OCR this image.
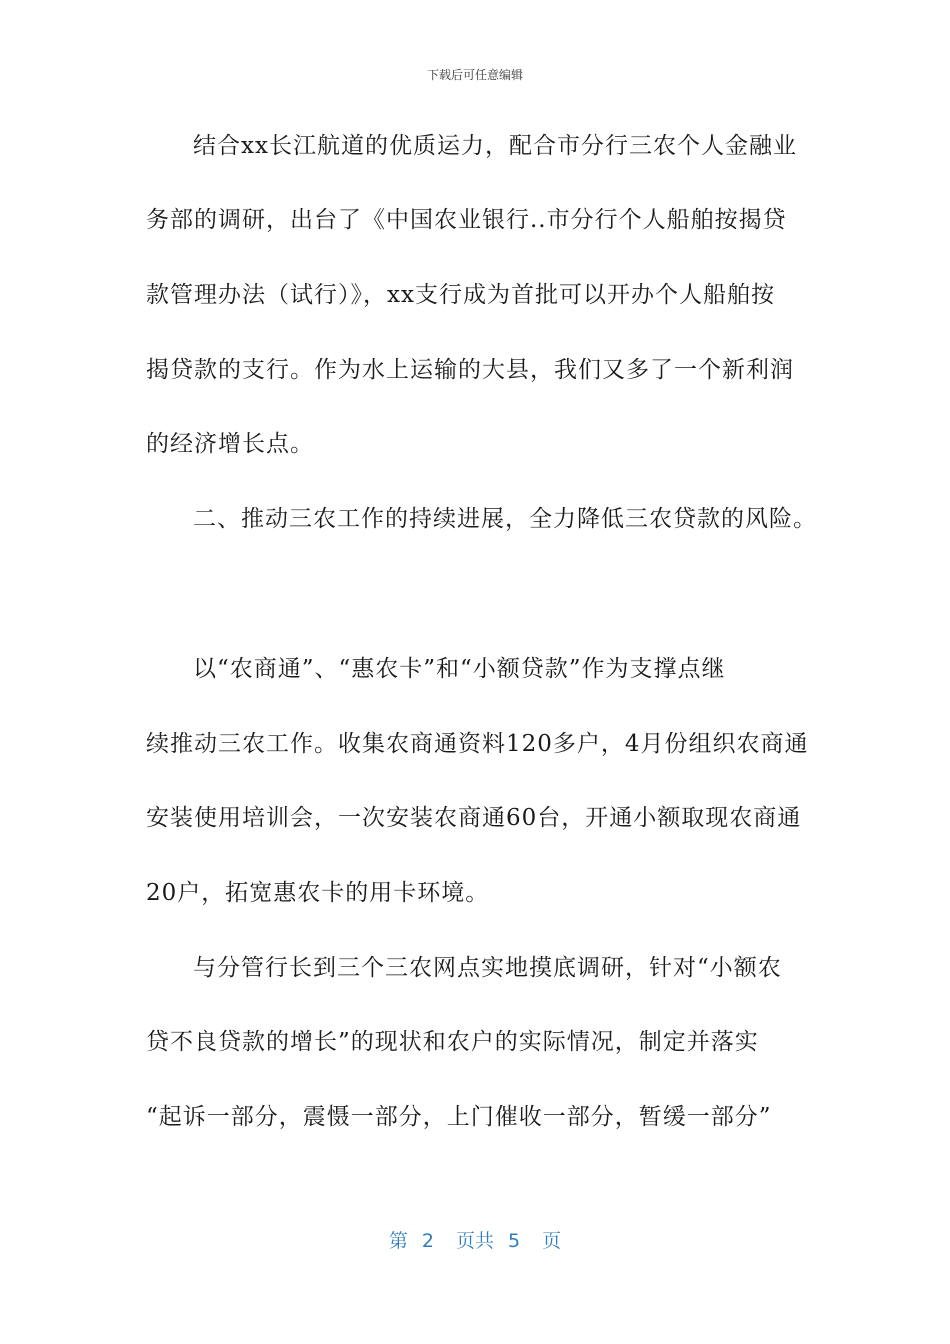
下载后可任意编辑
结合xx长江航道的优质运力，配合市分行三农个人金融业
务部的调研，出台了《中国农业银行..市分行个人船舶按揭贷
款管理办法（试行）》，xx支行成为首批可以开办个人船舶按
揭贷款的支行。作为水上运输的大县，我们又多了一个新利润
的经济增长点。
二、推动三农工作的持续进展，全力降低三农贷款的风险。
以“农商通”、“惠农卡”和“小额贷款”作为支撑点继
续推动三农工作。收集农商通资料120多户，4月份组织农商通
安装使用培训会，一次安装农商通60台，开通小额取现农商通
20户，拓宽惠农卡的用卡环境。
与分管行长到三个三农网点实地摸底调研，针对“小额农
贷不良贷款的增长”的现状和农户的实际情况，制定并落实
“起诉一部分，震慑一部分，上门催收一部分，暂缓一部分”
第 2 页共 5 页
